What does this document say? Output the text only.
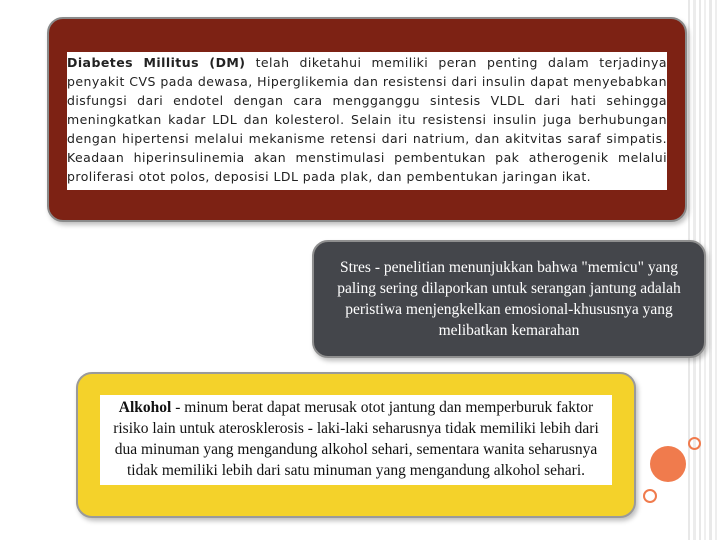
Diabetes Millitus (DM) telah diketahui memiliki peran penting dalam terjadinya penyakit CVS pada dewasa, Hiperglikemia dan resistensi dari insulin dapat menyebabkan disfungsi dari endotel dengan cara mengganggu sintesis VLDL dari hati sehingga meningkatkan kadar LDL dan kolesterol. Selain itu resistensi insulin juga berhubungan dengan hipertensi melalui mekanisme retensi dari natrium, dan akitvitas saraf simpatis. Keadaan hiperinsulinemia akan menstimulasi pembentukan pak atherogenik melalui proliferasi otot polos, deposisi LDL pada plak, dan pembentukan jaringan ikat.

Stres - penelitian menunjukkan bahwa "memicu" yang paling sering dilaporkan untuk serangan jantung adalah peristiwa menjengkelkan emosional-khususnya yang melibatkan kemarahan

Alkohol - minum berat dapat merusak otot jantung dan memperburuk faktor risiko lain untuk aterosklerosis - laki-laki seharusnya tidak memiliki lebih dari dua minuman yang mengandung alkohol sehari, sementara wanita seharusnya tidak memiliki lebih dari satu minuman yang mengandung alkohol sehari.
